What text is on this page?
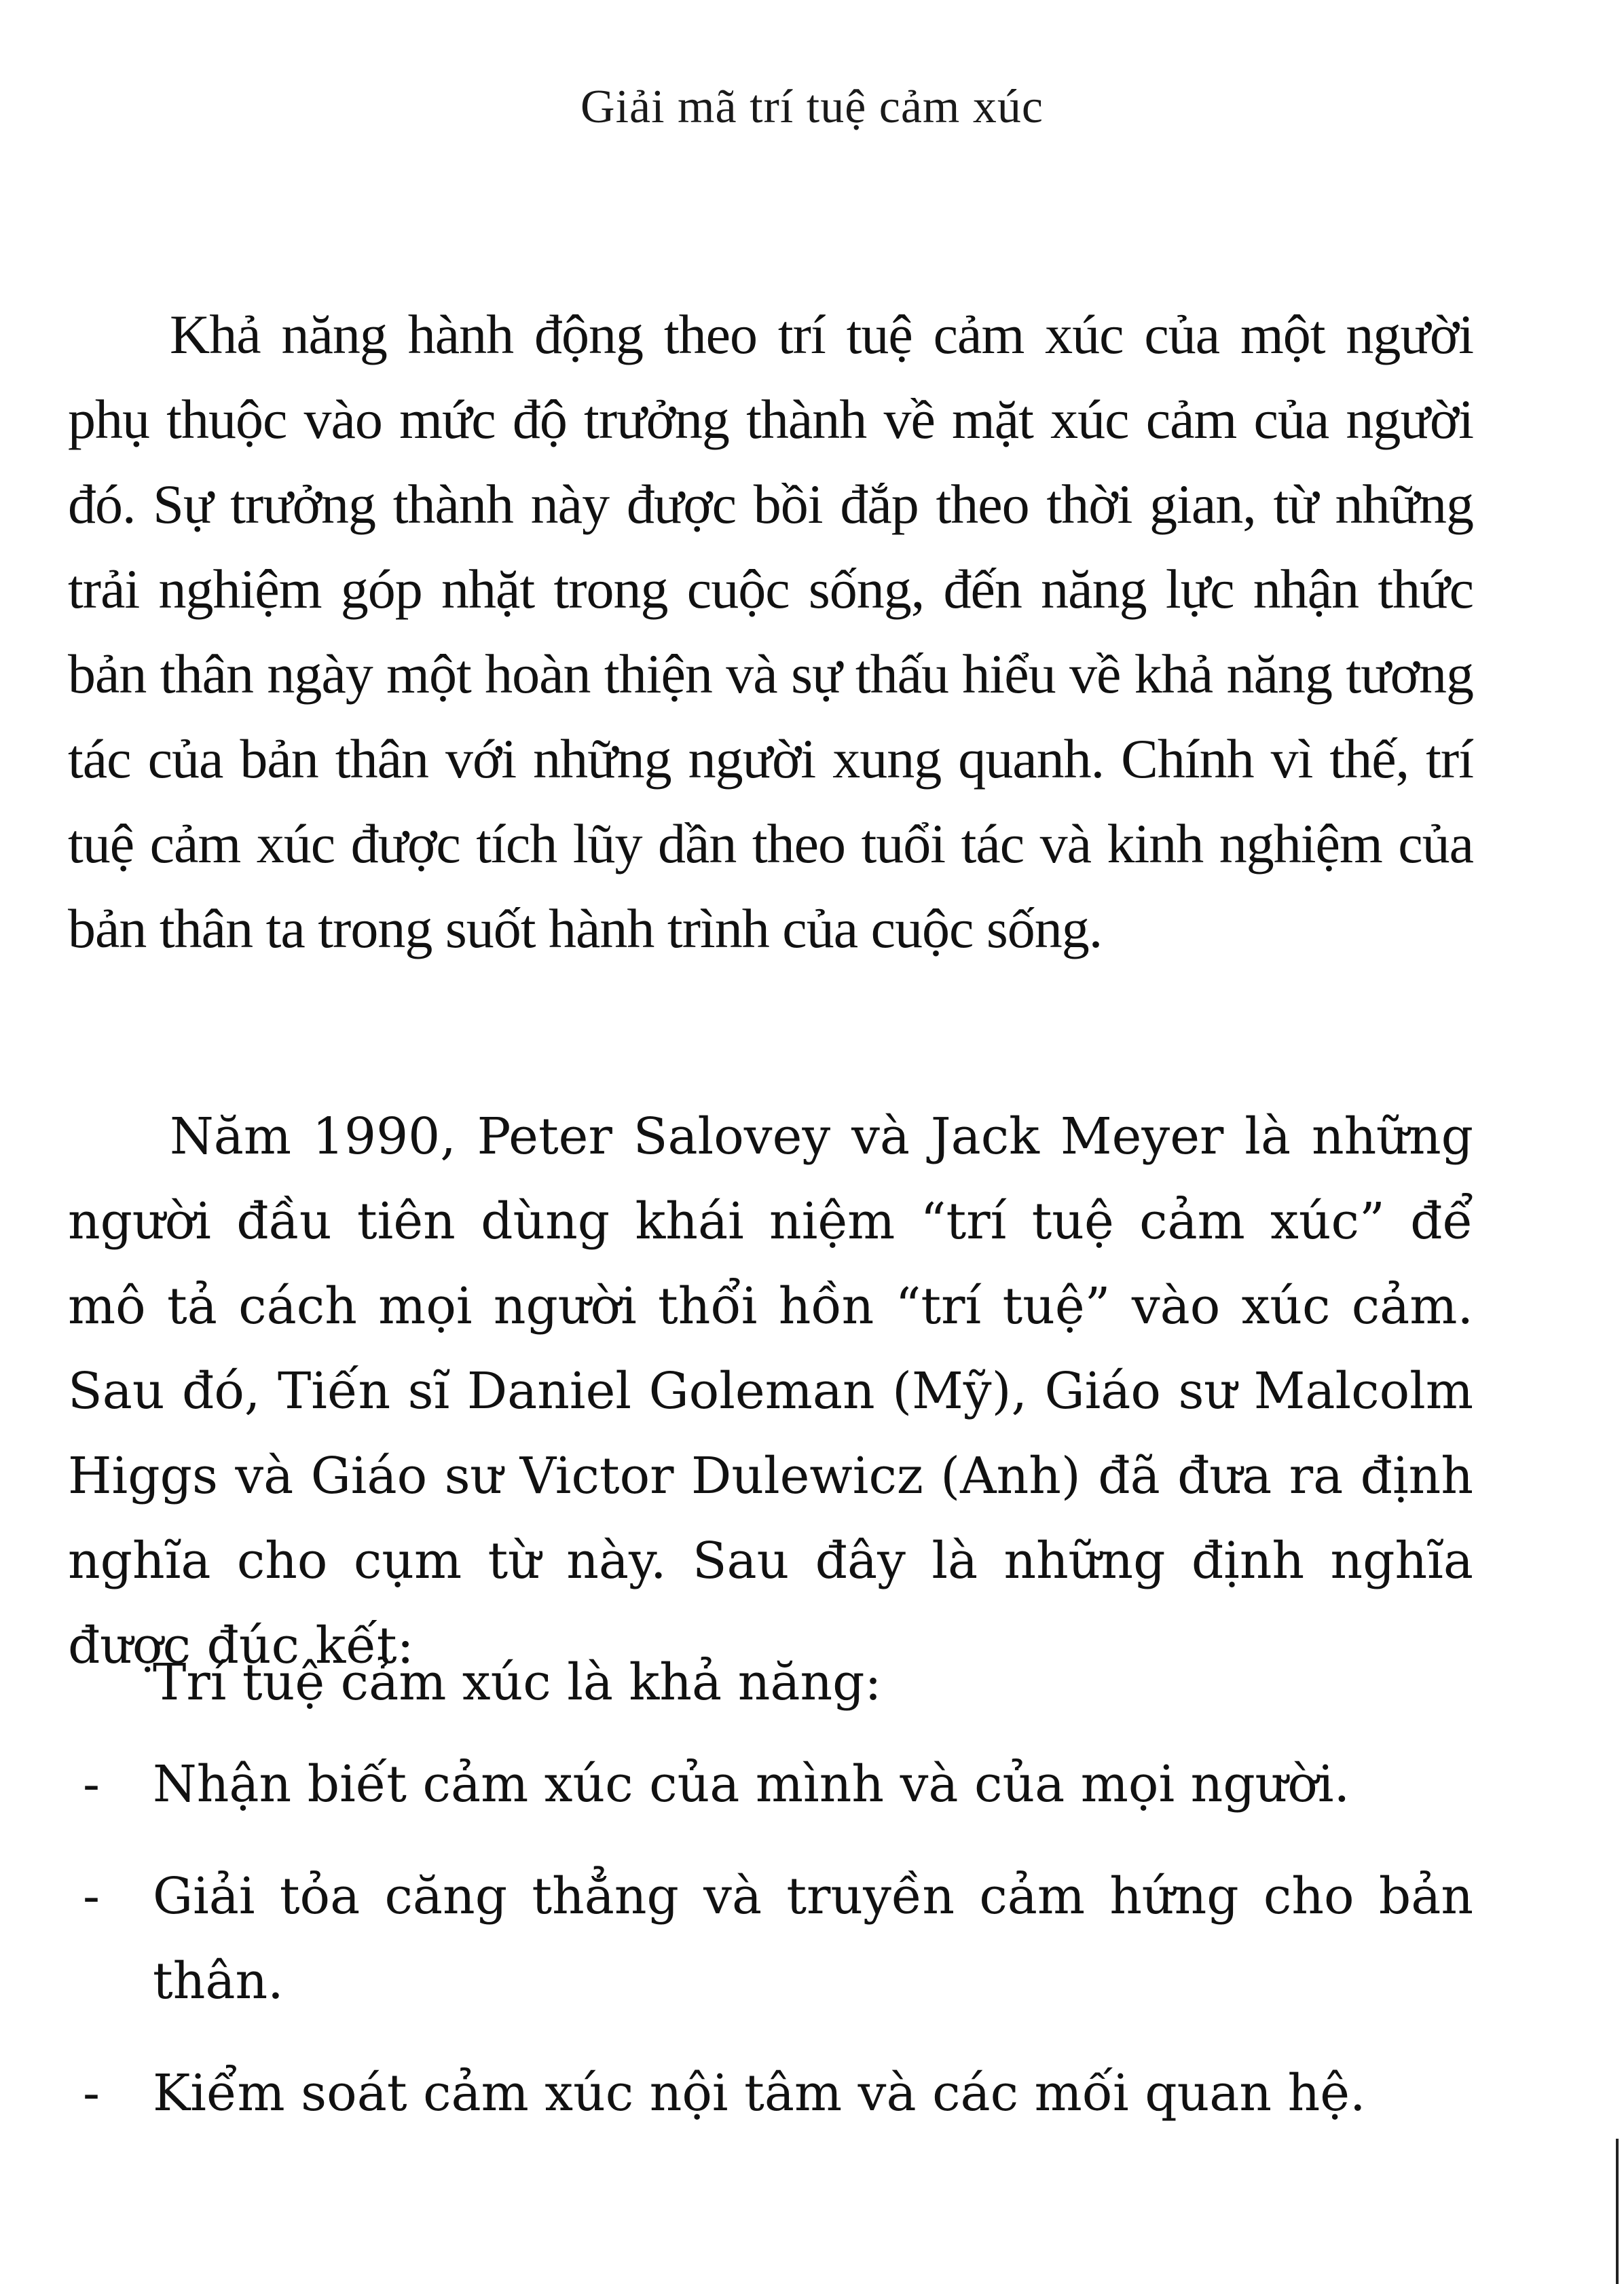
Giải mã trí tuệ cảm xúc

Khả năng hành động theo trí tuệ cảm xúc của một người phụ thuộc vào mức độ trưởng thành về mặt xúc cảm của người đó. Sự trưởng thành này được bồi đắp theo thời gian, từ những trải nghiệm góp nhặt trong cuộc sống, đến năng lực nhận thức bản thân ngày một hoàn thiện và sự thấu hiểu về khả năng tương tác của bản thân với những người xung quanh. Chính vì thế, trí tuệ cảm xúc được tích lũy dần theo tuổi tác và kinh nghiệm của bản thân ta trong suốt hành trình của cuộc sống.

Năm 1990, Peter Salovey và Jack Meyer là những người đầu tiên dùng khái niệm “trí tuệ cảm xúc” để mô tả cách mọi người thổi hồn “trí tuệ” vào xúc cảm. Sau đó, Tiến sĩ Daniel Goleman (Mỹ), Giáo sư Malcolm Higgs và Giáo sư Victor Dulewicz (Anh) đã đưa ra định nghĩa cho cụm từ này. Sau đây là những định nghĩa được đúc kết:

Trí tuệ cảm xúc là khả năng:
- Nhận biết cảm xúc của mình và của mọi người.
- Giải tỏa căng thẳng và truyền cảm hứng cho bản thân.
- Kiểm soát cảm xúc nội tâm và các mối quan hệ.
